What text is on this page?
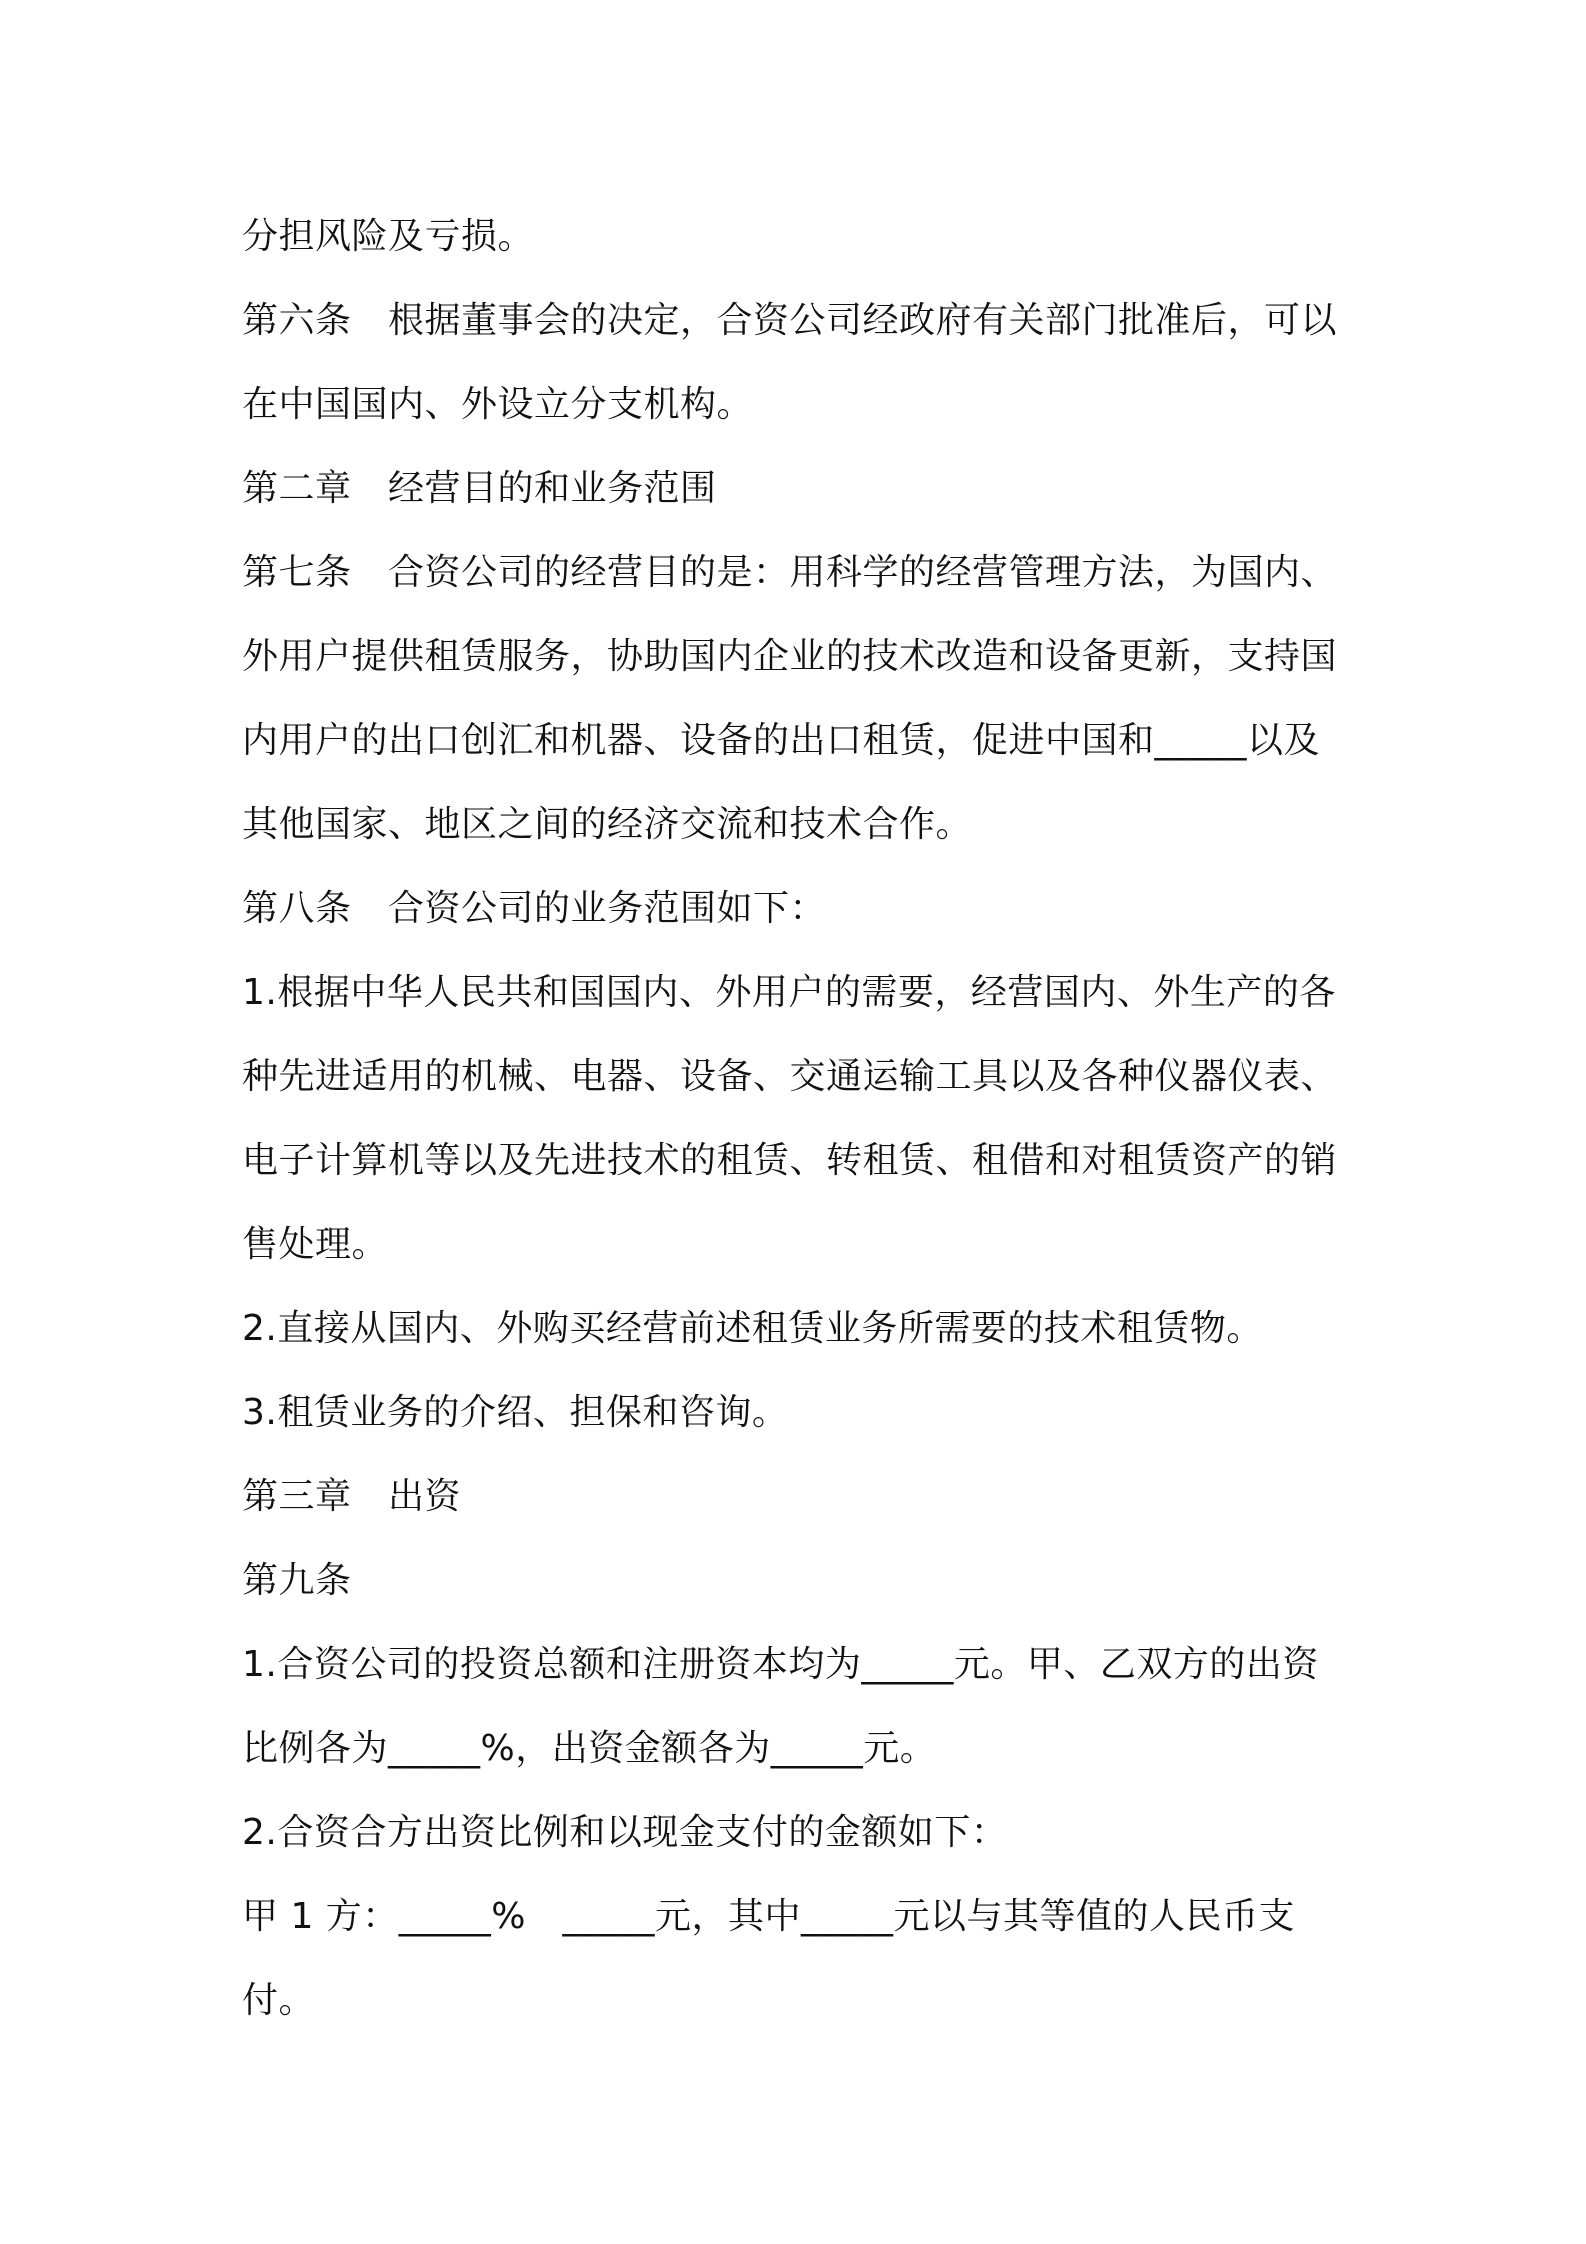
分担风险及亏损。
第六条　根据董事会的决定，合资公司经政府有关部门批准后，可以
在中国国内、外设立分支机构。
第二章　经营目的和业务范围
第七条　合资公司的经营目的是：用科学的经营管理方法，为国内、
外用户提供租赁服务，协助国内企业的技术改造和设备更新，支持国
内用户的出口创汇和机器、设备的出口租赁，促进中国和_____以及
其他国家、地区之间的经济交流和技术合作。
第八条　合资公司的业务范围如下：
1.根据中华人民共和国国内、外用户的需要，经营国内、外生产的各
种先进适用的机械、电器、设备、交通运输工具以及各种仪器仪表、
电子计算机等以及先进技术的租赁、转租赁、租借和对租赁资产的销
售处理。
2.直接从国内、外购买经营前述租赁业务所需要的技术租赁物。
3.租赁业务的介绍、担保和咨询。
第三章　出资
第九条
1.合资公司的投资总额和注册资本均为_____元。甲、乙双方的出资
比例各为_____%，出资金额各为_____元。
2.合资合方出资比例和以现金支付的金额如下：
甲 1 方：_____%　_____元，其中_____元以与其等值的人民币支
付。
